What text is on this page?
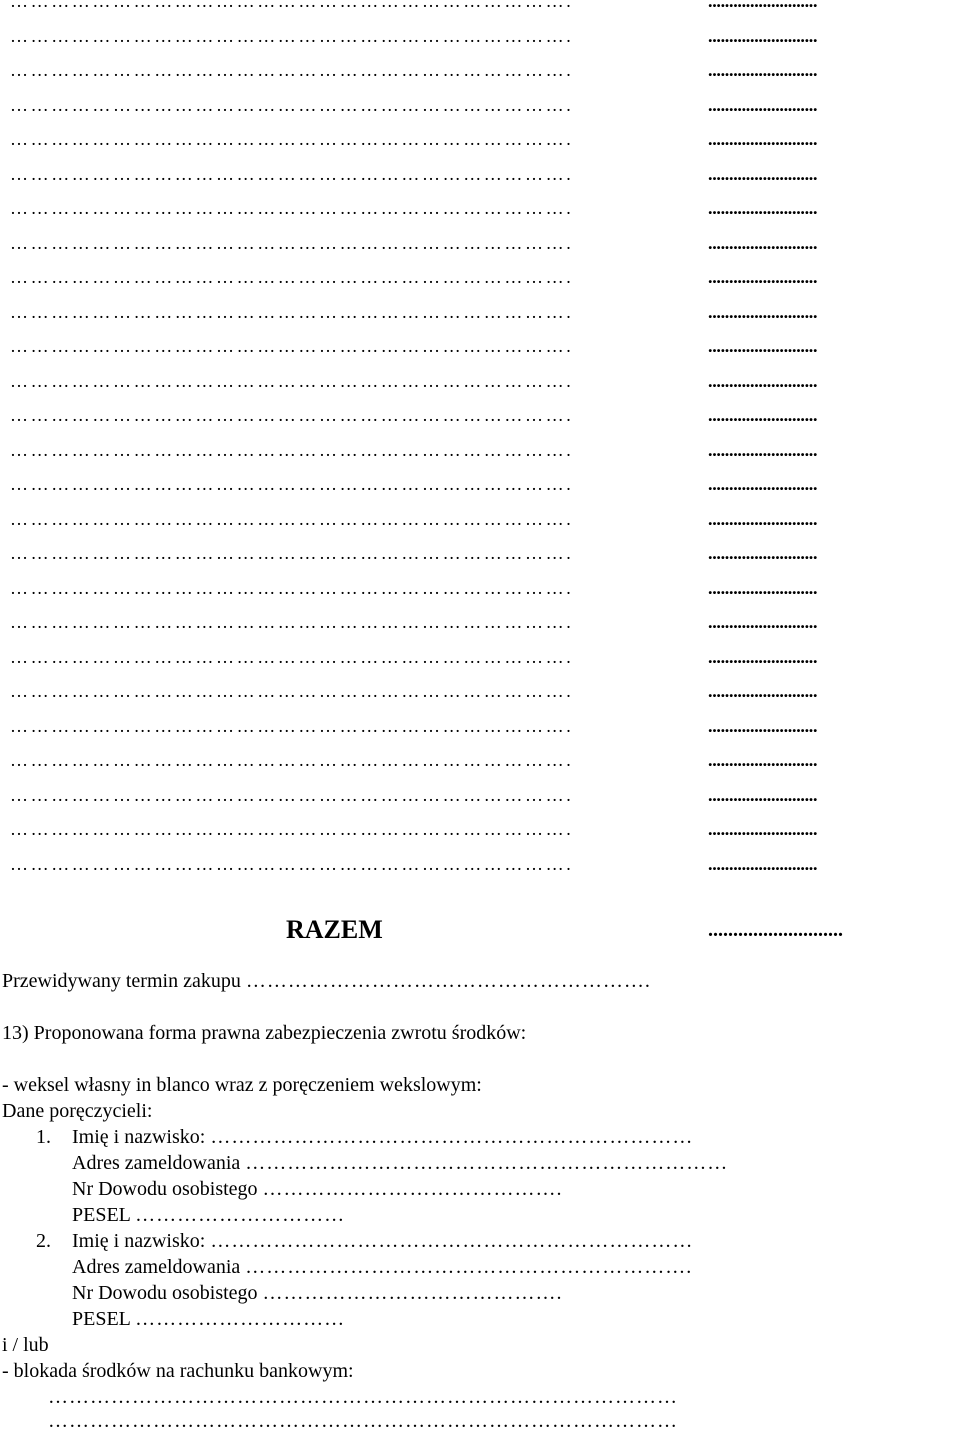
……………………………………………………………………….	..........................
……………………………………………………………………….	..........................
……………………………………………………………………….	..........................
……………………………………………………………………….	..........................
……………………………………………………………………….	..........................
……………………………………………………………………….	..........................
……………………………………………………………………….	..........................
……………………………………………………………………….	..........................
……………………………………………………………………….	..........................
……………………………………………………………………….	..........................
……………………………………………………………………….	..........................
……………………………………………………………………….	..........................
……………………………………………………………………….	..........................
……………………………………………………………………….	..........................
……………………………………………………………………….	..........................
……………………………………………………………………….	..........................
……………………………………………………………………….	..........................
……………………………………………………………………….	..........................
……………………………………………………………………….	..........................
……………………………………………………………………….	..........................
……………………………………………………………………….	..........................
……………………………………………………………………….	..........................
……………………………………………………………………….	..........................
……………………………………………………………………….	..........................
……………………………………………………………………….	..........................
……………………………………………………………………….	..........................
RAZEM	...........................
Przewidywany termin zakupu ………………………………………………….
13) Proponowana forma prawna zabezpieczenia zwrotu środków:
- weksel własny in blanco wraz z poręczeniem wekslowym:
Dane poręczycieli:
1. Imię i nazwisko: ……………………………………………………………
Adres zameldowania ……………………………………………………………
Nr Dowodu osobistego …………………………………….
PESEL …………………………
2. Imię i nazwisko: ……………………………………………………………
Adres zameldowania ……………………………………………………….
Nr Dowodu osobistego …………………………………….
PESEL …………………………
i / lub
- blokada środków na rachunku bankowym:
………………………………………………………………………………
………………………………………………………………………………
